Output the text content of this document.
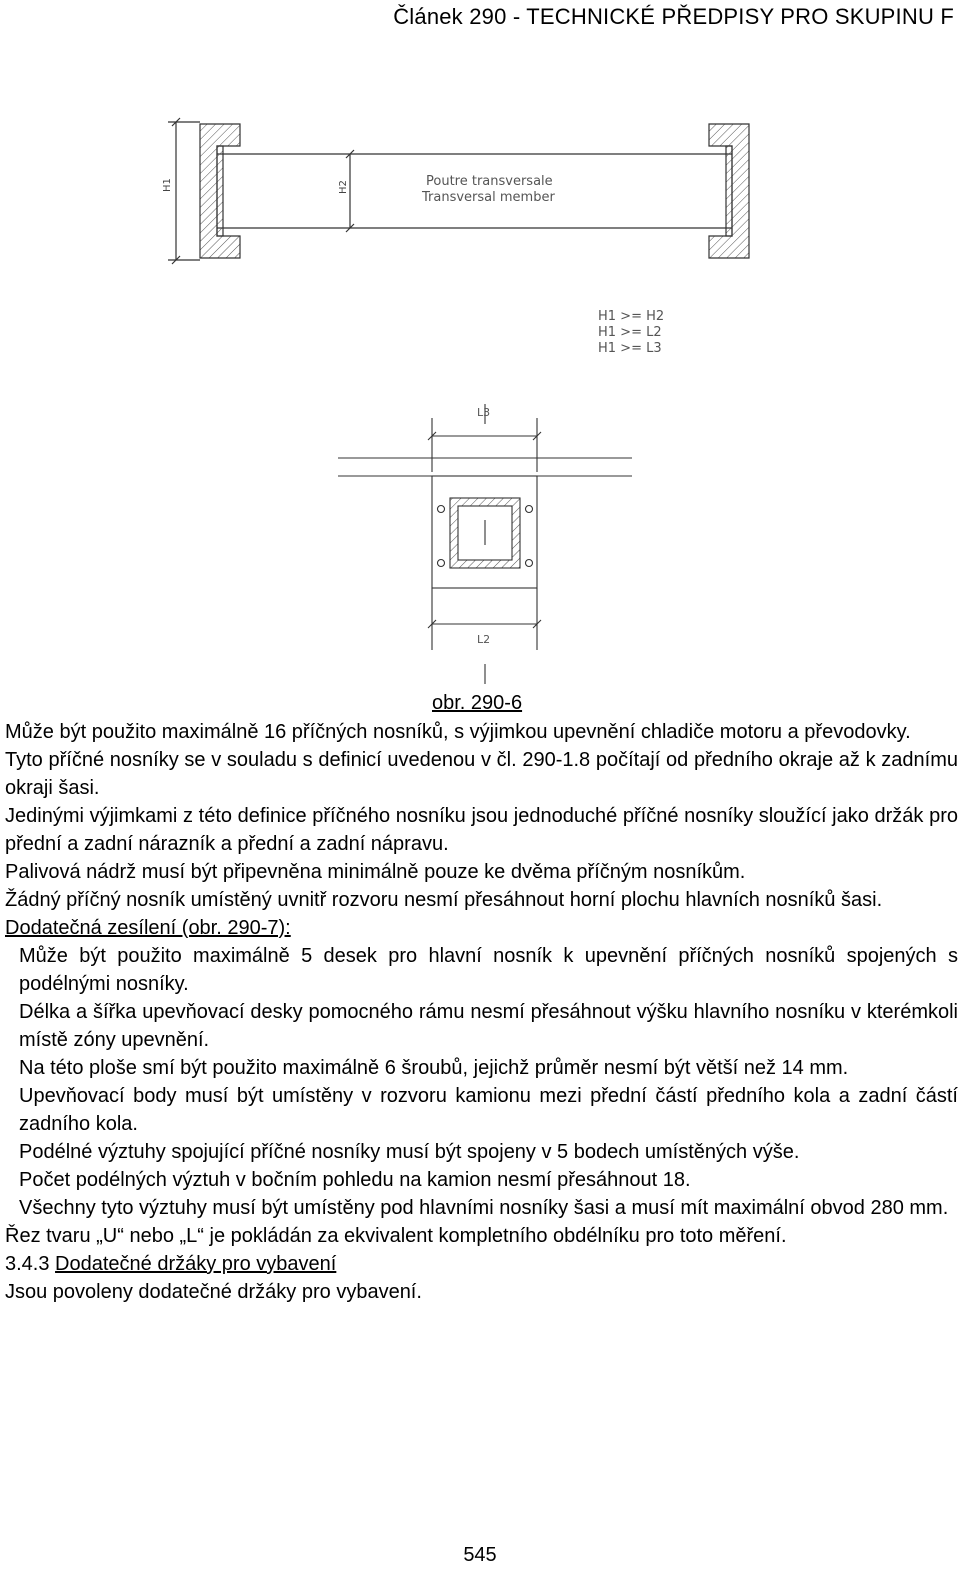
Článek 290 - TECHNICKÉ PŘEDPISY PRO SKUPINU F
H1	H2	Poutre transversale
Transversal member
H1 >= H2
H1 >= L2
H1 >= L3
L3
L2
obr. 290-6

Může být použito maximálně 16 příčných nosníků, s výjimkou upevnění chladiče motoru a převodovky.

Tyto příčné nosníky se v souladu s definicí uvedenou v čl. 290-1.8 počítají od předního okraje až k zadnímu okraji šasi.

Jedinými výjimkami z této definice příčného nosníku jsou jednoduché příčné nosníky sloužící jako držák pro přední a zadní nárazník a přední a zadní nápravu.

Palivová nádrž musí být připevněna minimálně pouze ke dvěma příčným nosníkům.

Žádný příčný nosník umístěný uvnitř rozvoru nesmí přesáhnout horní plochu hlavních nosníků šasi.

Dodatečná zesílení (obr. 290-7):

Může být použito maximálně 5 desek pro hlavní nosník k upevnění příčných nosníků spojených s podélnými nosníky.

Délka a šířka upevňovací desky pomocného rámu nesmí přesáhnout výšku hlavního nosníku v kterémkoli místě zóny upevnění.

Na této ploše smí být použito maximálně 6 šroubů, jejichž průměr nesmí být větší než 14 mm.

Upevňovací body musí být umístěny v rozvoru kamionu mezi přední částí předního kola a zadní částí zadního kola.

Podélné výztuhy spojující příčné nosníky musí být spojeny v 5 bodech umístěných výše.

Počet podélných výztuh v bočním pohledu na kamion nesmí přesáhnout 18.

Všechny tyto výztuhy musí být umístěny pod hlavními nosníky šasi a musí mít maximální obvod 280 mm.

Řez tvaru „U“ nebo „L“ je pokládán za ekvivalent kompletního obdélníku pro toto měření.

3.4.3 Dodatečné držáky pro vybavení

Jsou povoleny dodatečné držáky pro vybavení.

545
